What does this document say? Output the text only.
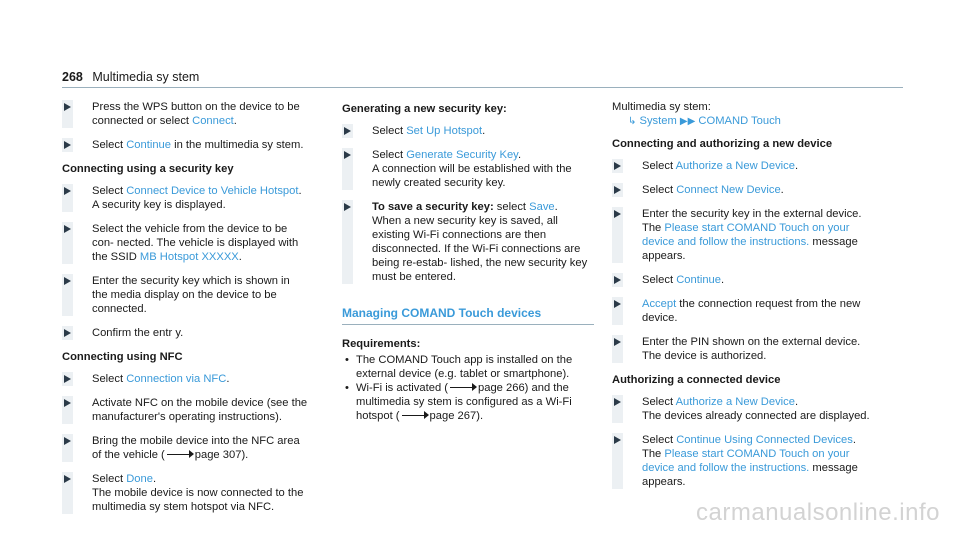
268 Multimedia sy stem
Press the WPS button on the device to be connected or select Connect.
Select Continue in the multimedia sy stem.
Connecting using a security key
Select Connect Device to Vehicle Hotspot.
A security key is displayed.
Select the vehicle from the device to be con- nected. The vehicle is displayed with the SSID MB Hotspot XXXXX.
Enter the security key which is shown in the media display on the device to be connected.
Confirm the entr y.
Connecting using NFC
Select Connection via NFC.
Activate NFC on the mobile device (see the manufacturer's operating instructions).
Bring the mobile device into the NFC area of the vehicle (	page 307).
Select Done.
The mobile device is now connected to the multimedia sy stem hotspot via NFC.
Generating a new security key:
Select Set Up Hotspot.
Select Generate Security Key.
A connection will be established with the newly created security key.
To save a security key: select Save.
When a new security key is saved, all existing Wi-Fi connections are then disconnected. If the Wi-Fi connections are being re-estab- lished, the new security key must be entered.
Managing COMAND Touch devices
Requirements:
• The COMAND Touch app is installed on the external device (e.g. tablet or smartphone).
• Wi-Fi is activated (	page 266) and the multimedia sy stem is configured as a Wi-Fi hotspot (	page 267).
Multimedia sy stem:
↳ System ▶▶ COMAND Touch
Connecting and authorizing a new device
Select Authorize a New Device.
Select Connect New Device.
Enter the security key in the external device.
The Please start COMAND Touch on your device and follow the instructions. message appears.
Select Continue.
Accept the connection request from the new device.
Enter the PIN shown on the external device.
The device is authorized.
Authorizing a connected device
Select Authorize a New Device.
The devices already connected are displayed.
Select Continue Using Connected Devices.
The Please start COMAND Touch on your device and follow the instructions. message appears.
carmanualsonline.info
